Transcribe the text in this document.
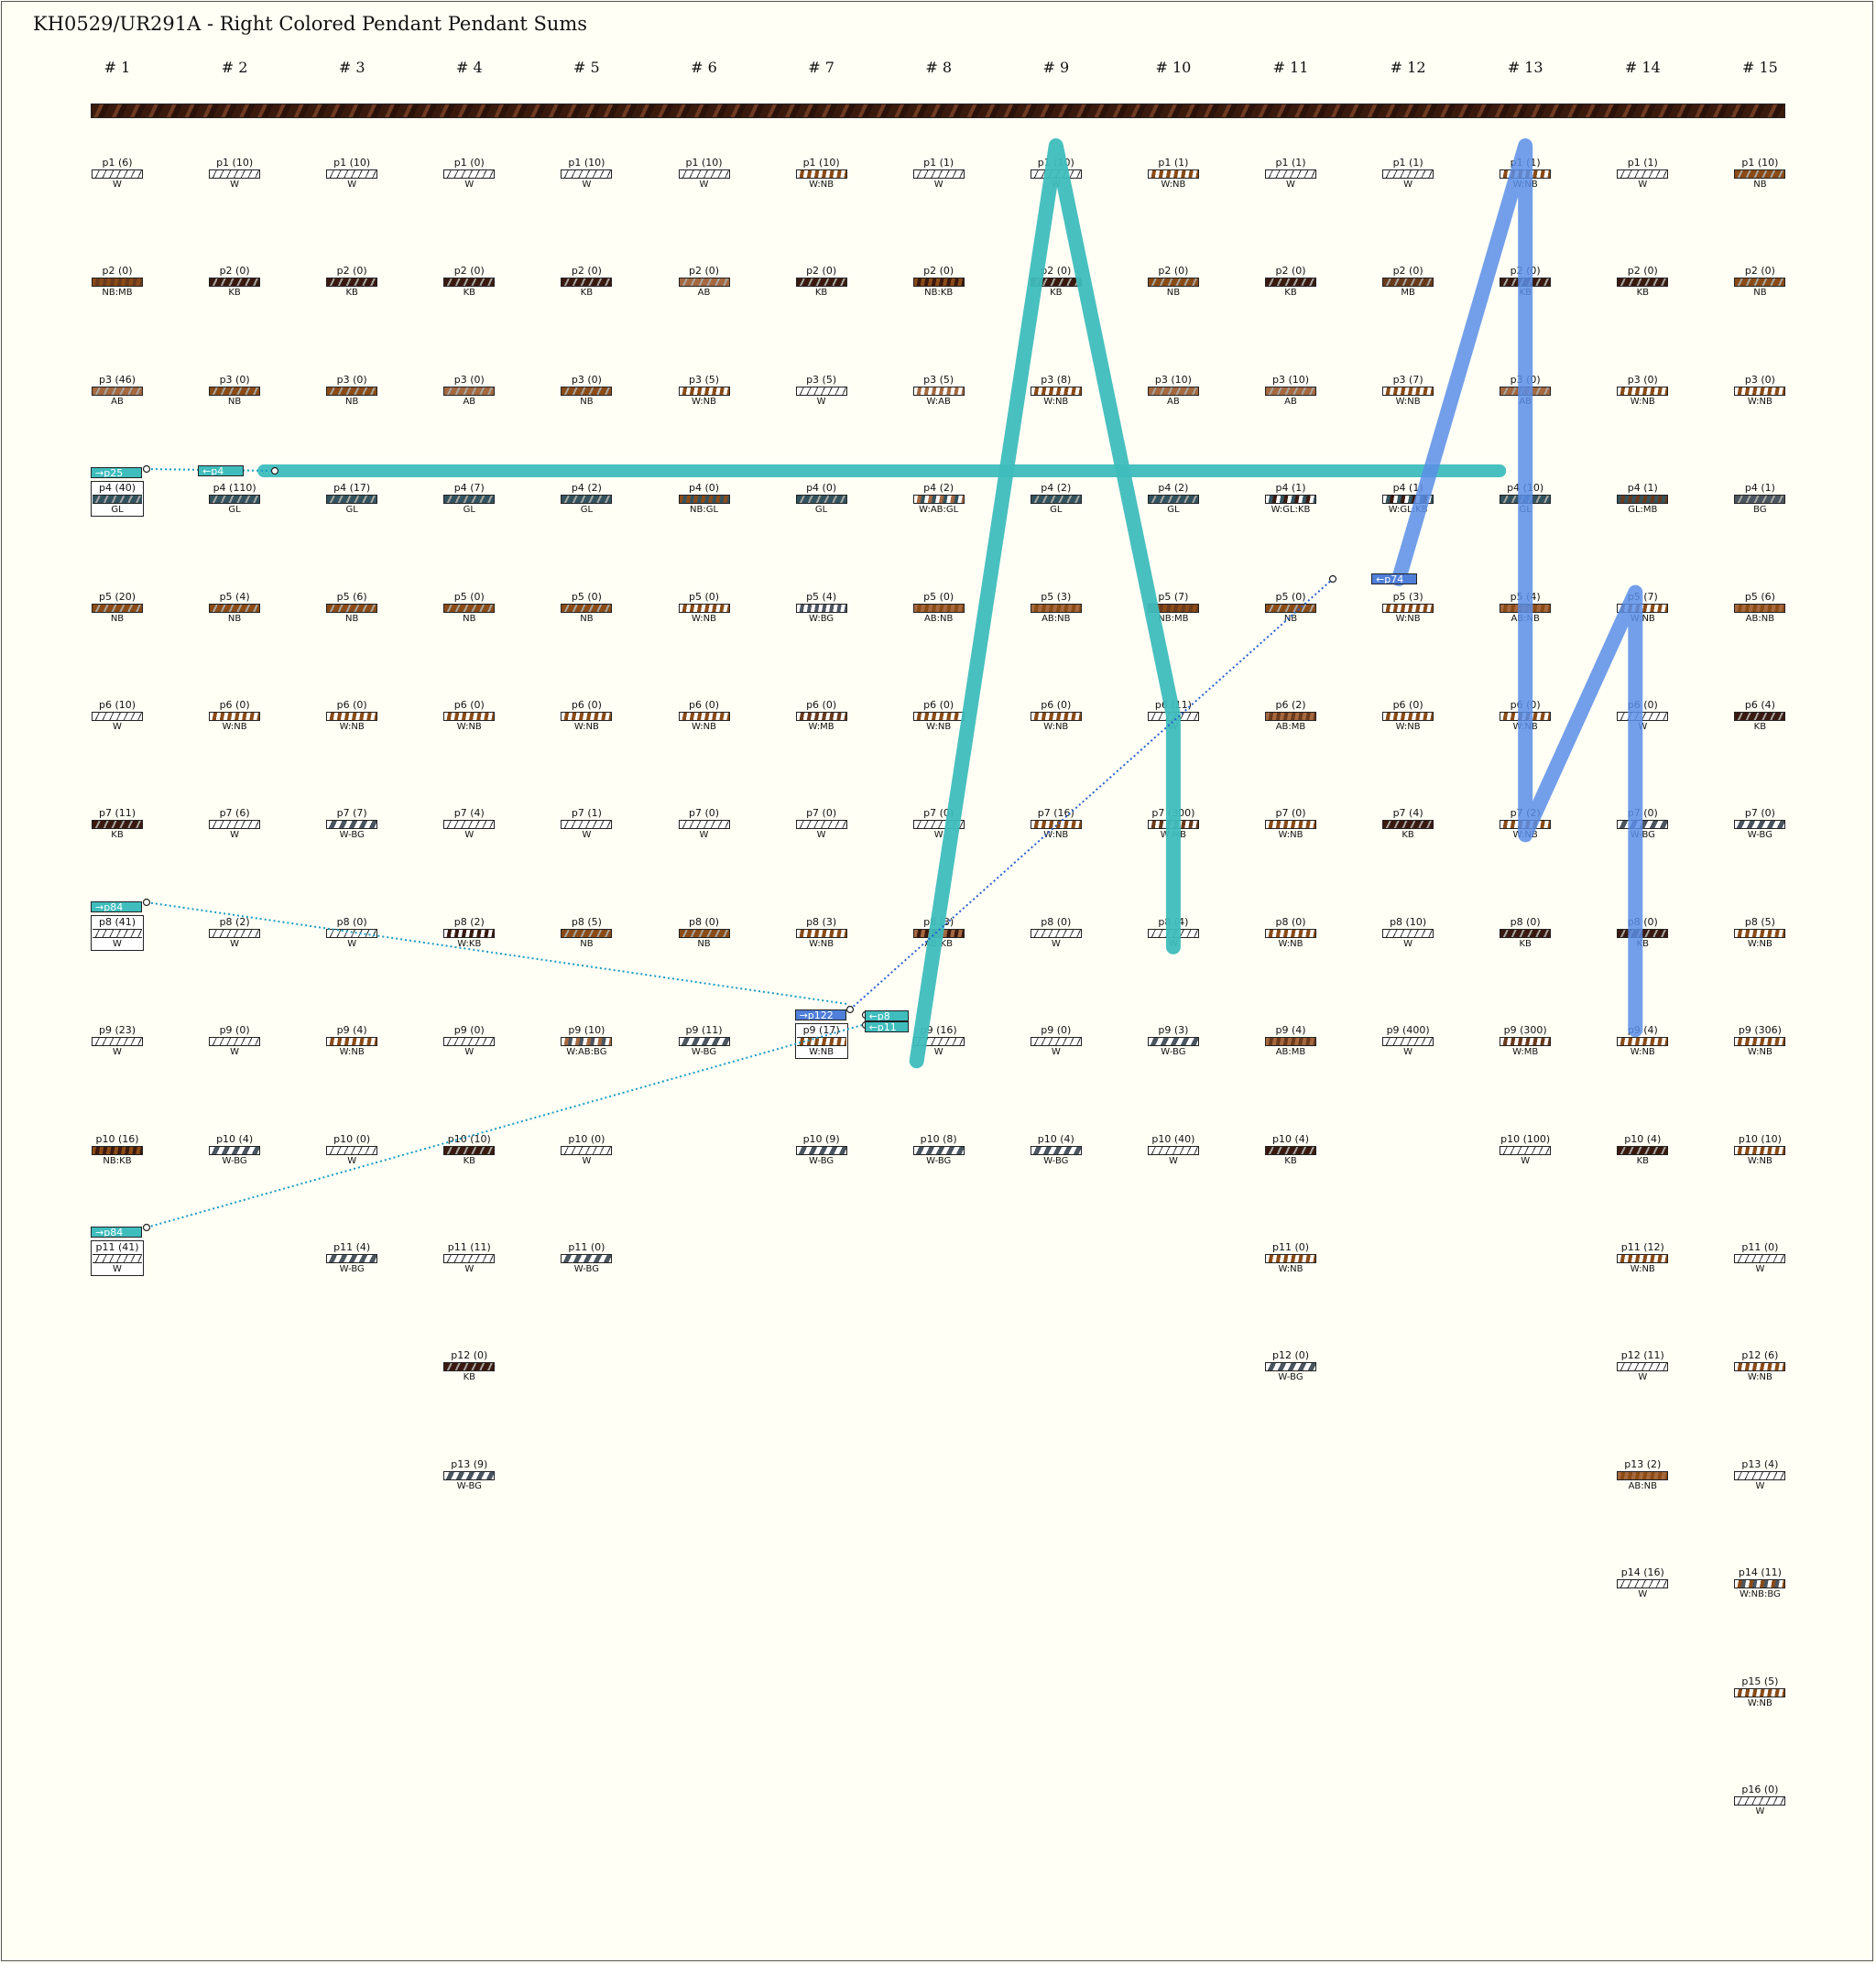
KH0529/UR291A - Right Colored Pendant Pendant Sums
# 1
p1 (6)
W
p2 (0)
NB:MB
p3 (46)
AB
p4 (40)
GL
p5 (20)
NB
p6 (10)
W
p7 (11)
KB
p8 (41)
W
p9 (23)
W
p10 (16)
NB:KB
p11 (41)
W
# 2
p1 (10)
W
p2 (0)
KB
p3 (0)
NB
p4 (110)
GL
p5 (4)
NB
p6 (0)
W:NB
p7 (6)
W
p8 (2)
W
p9 (0)
W
p10 (4)
W-BG
# 3
p1 (10)
W
p2 (0)
KB
p3 (0)
NB
p4 (17)
GL
p5 (6)
NB
p6 (0)
W:NB
p7 (7)
W-BG
p8 (0)
W
p9 (4)
W:NB
p10 (0)
W
p11 (4)
W-BG
# 4
p1 (0)
W
p2 (0)
KB
p3 (0)
AB
p4 (7)
GL
p5 (0)
NB
p6 (0)
W:NB
p7 (4)
W
p8 (2)
W:KB
p9 (0)
W
p10 (10)
KB
p11 (11)
W
p12 (0)
KB
p13 (9)
W-BG
# 5
p1 (10)
W
p2 (0)
KB
p3 (0)
NB
p4 (2)
GL
p5 (0)
NB
p6 (0)
W:NB
p7 (1)
W
p8 (5)
NB
p9 (10)
W:AB:BG
p10 (0)
W
p11 (0)
W-BG
# 6
p1 (10)
W
p2 (0)
AB
p3 (5)
W:NB
p4 (0)
NB:GL
p5 (0)
W:NB
p6 (0)
W:NB
p7 (0)
W
p8 (0)
NB
p9 (11)
W-BG
# 7
p1 (10)
W:NB
p2 (0)
KB
p3 (5)
W
p4 (0)
GL
p5 (4)
W:BG
p6 (0)
W:MB
p7 (0)
W
p8 (3)
W:NB
p9 (17)
W:NB
p10 (9)
W-BG
# 8
p1 (1)
W
p2 (0)
NB:KB
p3 (5)
W:AB
p4 (2)
W:AB:GL
p5 (0)
AB:NB
p6 (0)
W:NB
p7 (0)
W
p8 (3)
AB:KB
p9 (16)
W
p10 (8)
W-BG
# 9
p1 (10)
W
p2 (0)
KB
p3 (8)
W:NB
p4 (2)
GL
p5 (3)
AB:NB
p6 (0)
W:NB
p7 (16)
W:NB
p8 (0)
W
p9 (0)
W
p10 (4)
W-BG
# 10
p1 (1)
W:NB
p2 (0)
NB
p3 (10)
AB
p4 (2)
GL
p5 (7)
NB:MB
p6 (11)
W
p7 (300)
W:MB
p8 (4)
W
p9 (3)
W-BG
p10 (40)
W
# 11
p1 (1)
W
p2 (0)
KB
p3 (10)
AB
p4 (1)
W:GL:KB
p5 (0)
NB
p6 (2)
AB:MB
p7 (0)
W:NB
p8 (0)
W:NB
p9 (4)
AB:MB
p10 (4)
KB
p11 (0)
W:NB
p12 (0)
W-BG
# 12
p1 (1)
W
p2 (0)
MB
p3 (7)
W:NB
p4 (1)
W:GL:KB
p5 (3)
W:NB
p6 (0)
W:NB
p7 (4)
KB
p8 (10)
W
p9 (400)
W
# 13
p1 (1)
W:NB
p2 (0)
KB
p3 (0)
AB
p4 (10)
GL
p5 (4)
AB:NB
p6 (0)
W:NB
p7 (2)
W:NB
p8 (0)
KB
p9 (300)
W:MB
p10 (100)
W
# 14
p1 (1)
W
p2 (0)
KB
p3 (0)
W:NB
p4 (1)
GL:MB
p5 (7)
W:NB
p6 (0)
W
p7 (0)
W-BG
p8 (0)
KB
p9 (4)
W:NB
p10 (4)
KB
p11 (12)
W:NB
p12 (11)
W
p13 (2)
AB:NB
p14 (16)
W
# 15
p1 (10)
NB
p2 (0)
NB
p3 (0)
W:NB
p4 (1)
BG
p5 (6)
AB:NB
p6 (4)
KB
p7 (0)
W-BG
p8 (5)
W:NB
p9 (306)
W:NB
p10 (10)
W:NB
p11 (0)
W
p12 (6)
W:NB
p13 (4)
W
p14 (11)
W:NB:BG
p15 (5)
W:NB
p16 (0)
W
→p25	←p4
→p84
→p84
→p122	←p8
←p11
←p74
